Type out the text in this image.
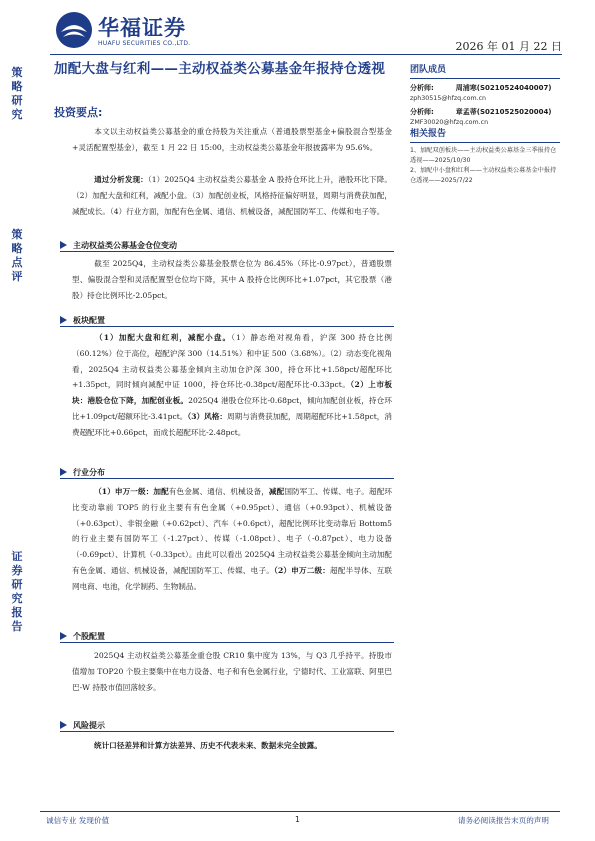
华福证券
HUAFU SECURITIES CO.,LTD.	2026 年 01 月 22 日
策
略
研
究
策
略
点
评
证
券
研
究
报
告
加配大盘与红利——主动权益类公募基金年报持仓透视
投资要点:

本文以主动权益类公募基金的重仓持股为关注重点（普通股票型基金+偏股混合型基金+灵活配置型基金），截至 1 月 22 日 15:00，主动权益类公募基金年报披露率为 95.6%。

通过分析发现：（1）2025Q4 主动权益类公募基金 A 股持仓环比上升，港股环比下降。（2）加配大盘和红利，减配小盘。（3）加配创业板，风格持征偏好明显，周期与消费获加配，减配成长。（4）行业方面，加配有色金属、通信、机械设备，减配国防军工、传媒和电子等。

主动权益类公募基金仓位变动

截至 2025Q4，主动权益类公募基金股票仓位为 86.45%（环比-0.97pct），普通股票型、偏股混合型和灵活配置型仓位均下降，其中 A 股持仓比例环比+1.07pct，其它股票（港股）持仓比例环比-2.05pct。

板块配置

（1）加配大盘和红利，减配小盘。（1）静态绝对视角看，沪深 300 持仓比例（60.12%）位于高位，超配沪深 300（14.51%）和中证 500（3.68%）。（2）动态变化视角看，2025Q4 主动权益类公募基金倾向主动加仓沪深 300，持仓环比+1.58pct/超配环比+1.35pct，同时倾向减配中证 1000，持仓环比-0.38pct/超配环比-0.33pct。（2）上市板块：港股仓位下降，加配创业板。2025Q4 港股仓位环比-0.68pct，倾向加配创业板，持仓环比+1.09pct/超额环比-3.41pct。（3）风格：周期与消费获加配，周期超配环比+1.58pct，消费超配环比+0.66pct，而成长超配环比-2.48pct。

行业分布

（1）申万一级：加配有色金属、通信、机械设备，减配国防军工、传媒、电子。超配环比变动靠前 TOP5 的行业主要有有色金属（+0.95pct）、通信（+0.93pct）、机械设备（+0.63pct）、非银金融（+0.62pct）、汽车（+0.6pct），超配比例环比变动靠后 Bottom5 的行业主要有国防军工（-1.27pct）、传媒（-1.08pct）、电子（-0.87pct）、电力设备（-0.69pct）、计算机（-0.33pct）。由此可以看出 2025Q4 主动权益类公募基金倾向主动加配有色金属、通信、机械设备，减配国防军工、传媒、电子。（2）申万二级：超配半导体、互联网电商、电池，化学制药、生物制品。

个股配置

2025Q4 主动权益类公募基金重仓股 CR10 集中度为 13%，与 Q3 几乎持平。持股市值增加 TOP20 个股主要集中在电力设备、电子和有色金属行业，宁德时代、工业富联、阿里巴巴-W 持股市值回落较多。

风险提示

统计口径差异和计算方法差异、历史不代表未来、数据未完全披露。

团队成员
分析师:	周浦寒(S0210524040007)
zph30515@hfzq.com.cn
分析师:	章孟蒂(S0210525020004)
ZMF30020@hfzq.com.cn
相关报告
1、加配双创板块——主动权益类公募基金三季报持仓透视——2025/10/30
2、加配中小盘和红利——主动权益类公募基金中报持仓透视——2025/7/22
诚信专业 发现价值	1	请务必阅读报告末页的声明
